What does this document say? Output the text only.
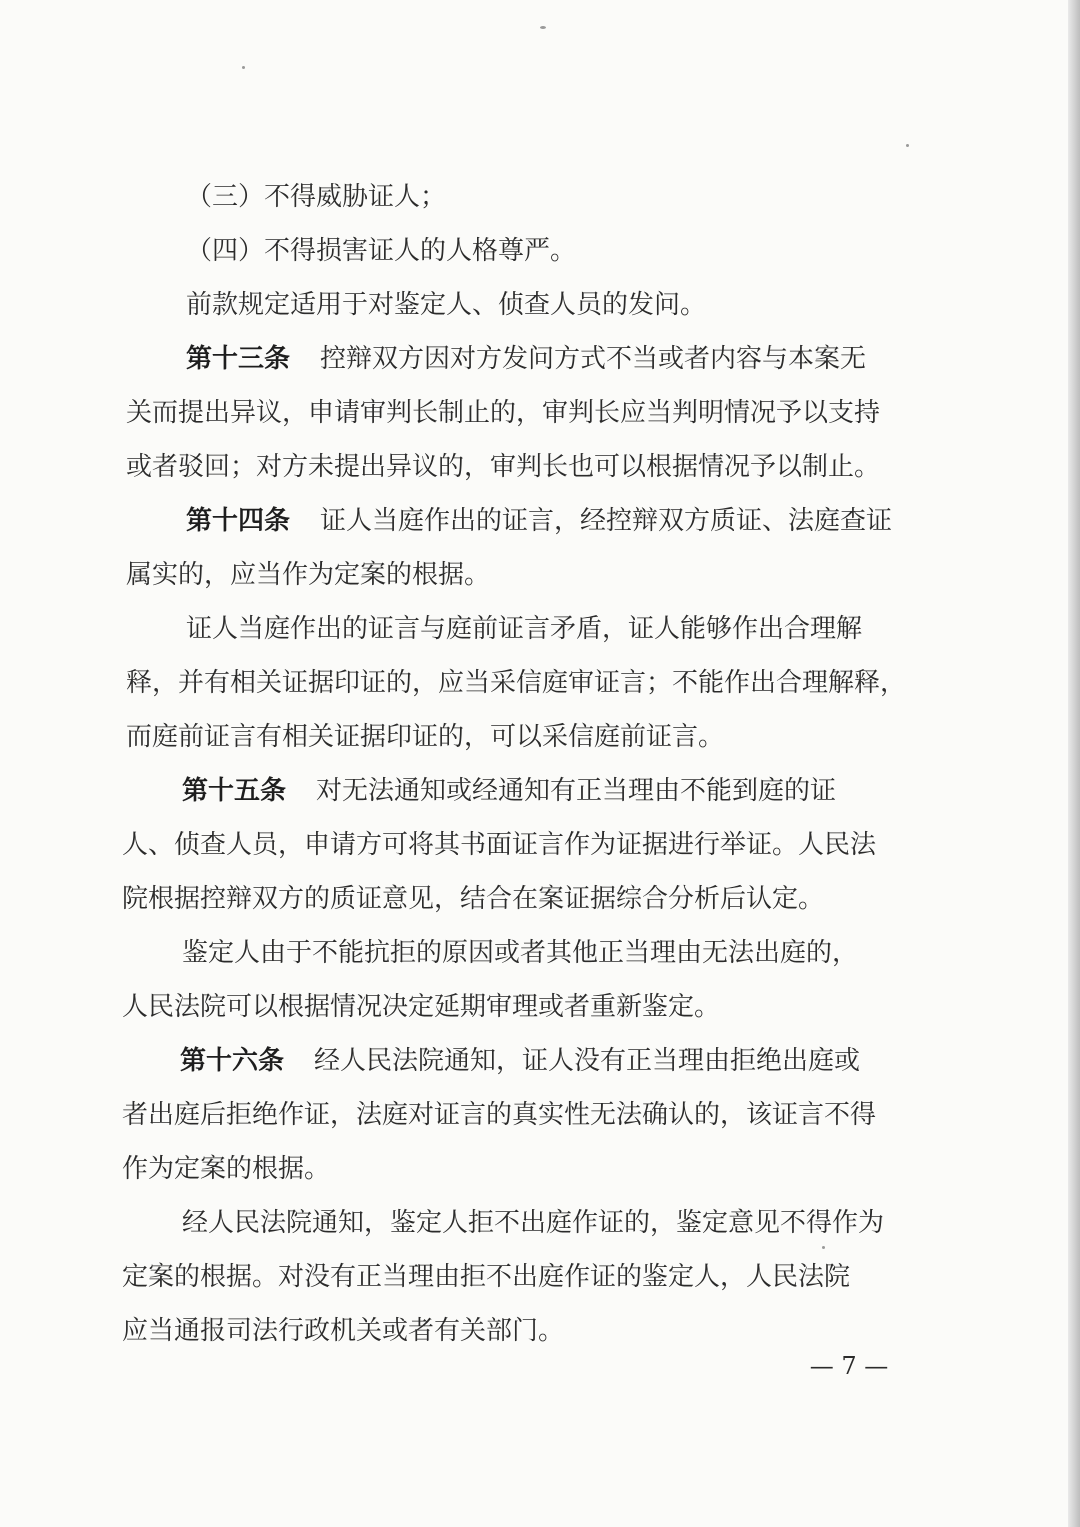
（三）不得威胁证人；
（四）不得损害证人的人格尊严。
前款规定适用于对鉴定人、侦查人员的发问。
第十三条 控辩双方因对方发问方式不当或者内容与本案无
关而提出异议，申请审判长制止的，审判长应当判明情况予以支持
或者驳回；对方未提出异议的，审判长也可以根据情况予以制止。
第十四条 证人当庭作出的证言，经控辩双方质证、法庭查证
属实的，应当作为定案的根据。
证人当庭作出的证言与庭前证言矛盾，证人能够作出合理解
释，并有相关证据印证的，应当采信庭审证言；不能作出合理解释，
而庭前证言有相关证据印证的，可以采信庭前证言。
第十五条 对无法通知或经通知有正当理由不能到庭的证
人、侦查人员，申请方可将其书面证言作为证据进行举证。人民法
院根据控辩双方的质证意见，结合在案证据综合分析后认定。
鉴定人由于不能抗拒的原因或者其他正当理由无法出庭的，
人民法院可以根据情况决定延期审理或者重新鉴定。
第十六条 经人民法院通知，证人没有正当理由拒绝出庭或
者出庭后拒绝作证，法庭对证言的真实性无法确认的，该证言不得
作为定案的根据。
经人民法院通知，鉴定人拒不出庭作证的，鉴定意见不得作为
定案的根据。对没有正当理由拒不出庭作证的鉴定人，人民法院
应当通报司法行政机关或者有关部门。
— 7 —
